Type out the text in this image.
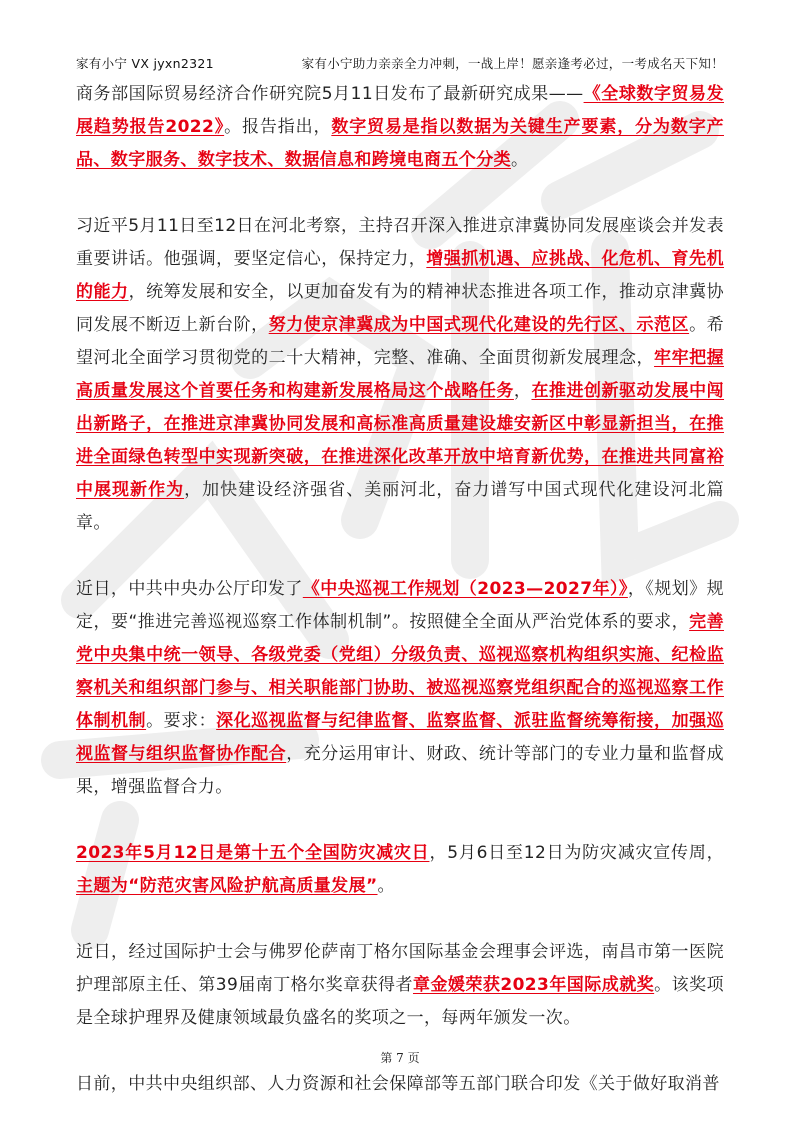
家有小宁 VX jyxn2321	家有小宁助力亲亲全力冲刺，一战上岸！愿亲逢考必过，一考成名天下知！

商务部国际贸易经济合作研究院5月11日发布了最新研究成果——《全球数字贸易发展趋势报告2022》。报告指出，数字贸易是指以数据为关键生产要素，分为数字产品、数字服务、数字技术、数据信息和跨境电商五个分类。

习近平5月11日至12日在河北考察，主持召开深入推进京津冀协同发展座谈会并发表重要讲话。他强调，要坚定信心，保持定力，增强抓机遇、应挑战、化危机、育先机的能力，统筹发展和安全，以更加奋发有为的精神状态推进各项工作，推动京津冀协同发展不断迈上新台阶，努力使京津冀成为中国式现代化建设的先行区、示范区。希望河北全面学习贯彻党的二十大精神，完整、准确、全面贯彻新发展理念，牢牢把握高质量发展这个首要任务和构建新发展格局这个战略任务，在推进创新驱动发展中闯出新路子，在推进京津冀协同发展和高标准高质量建设雄安新区中彰显新担当，在推进全面绿色转型中实现新突破，在推进深化改革开放中培育新优势，在推进共同富裕中展现新作为，加快建设经济强省、美丽河北，奋力谱写中国式现代化建设河北篇章。

近日，中共中央办公厅印发了《中央巡视工作规划（2023—2027年）》，《规划》规定，要“推进完善巡视巡察工作体制机制”。按照健全全面从严治党体系的要求，完善党中央集中统一领导、各级党委（党组）分级负责、巡视巡察机构组织实施、纪检监察机关和组织部门参与、相关职能部门协助、被巡视巡察党组织配合的巡视巡察工作体制机制。要求：深化巡视监督与纪律监督、监察监督、派驻监督统筹衔接，加强巡视监督与组织监督协作配合，充分运用审计、财政、统计等部门的专业力量和监督成果，增强监督合力。

2023年5月12日是第十五个全国防灾减灾日，5月6日至12日为防灾减灾宣传周，主题为“防范灾害风险护航高质量发展”。

近日，经过国际护士会与佛罗伦萨南丁格尔国际基金会理事会评选，南昌市第一医院护理部原主任、第39届南丁格尔奖章获得者章金媛荣获2023年国际成就奖。该奖项是全球护理界及健康领域最负盛名的奖项之一，每两年颁发一次。

日前，中共中央组织部、人力资源和社会保障部等五部门联合印发《关于做好取消普

第 7 页
